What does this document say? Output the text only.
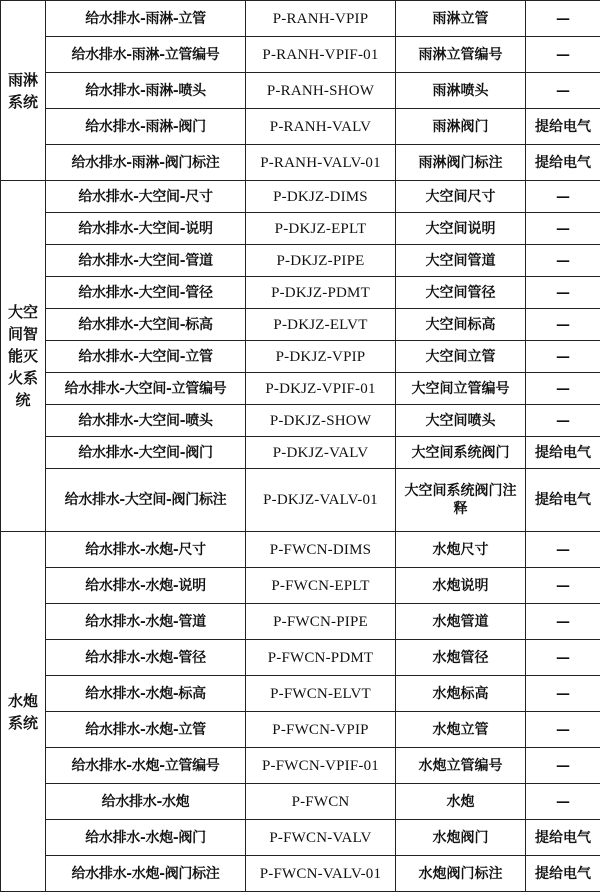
雨淋系统	给水排水-雨淋-立管	P-RANH-VPIP	雨淋立管	—
	给水排水-雨淋-立管编号	P-RANH-VPIF-01	雨淋立管编号	—
	给水排水-雨淋-喷头	P-RANH-SHOW	雨淋喷头	—
	给水排水-雨淋-阀门	P-RANH-VALV	雨淋阀门	提给电气
	给水排水-雨淋-阀门标注	P-RANH-VALV-01	雨淋阀门标注	提给电气
大空间智能灭火系统	给水排水-大空间-尺寸	P-DKJZ-DIMS	大空间尺寸	—
	给水排水-大空间-说明	P-DKJZ-EPLT	大空间说明	—
	给水排水-大空间-管道	P-DKJZ-PIPE	大空间管道	—
	给水排水-大空间-管径	P-DKJZ-PDMT	大空间管径	—
	给水排水-大空间-标高	P-DKJZ-ELVT	大空间标高	—
	给水排水-大空间-立管	P-DKJZ-VPIP	大空间立管	—
	给水排水-大空间-立管编号	P-DKJZ-VPIF-01	大空间立管编号	—
	给水排水-大空间-喷头	P-DKJZ-SHOW	大空间喷头	—
	给水排水-大空间-阀门	P-DKJZ-VALV	大空间系统阀门	提给电气
	给水排水-大空间-阀门标注	P-DKJZ-VALV-01	大空间系统阀门注释	提给电气
水炮系统	给水排水-水炮-尺寸	P-FWCN-DIMS	水炮尺寸	—
	给水排水-水炮-说明	P-FWCN-EPLT	水炮说明	—
	给水排水-水炮-管道	P-FWCN-PIPE	水炮管道	—
	给水排水-水炮-管径	P-FWCN-PDMT	水炮管径	—
	给水排水-水炮-标高	P-FWCN-ELVT	水炮标高	—
	给水排水-水炮-立管	P-FWCN-VPIP	水炮立管	—
	给水排水-水炮-立管编号	P-FWCN-VPIF-01	水炮立管编号	—
	给水排水-水炮	P-FWCN	水炮	—
	给水排水-水炮-阀门	P-FWCN-VALV	水炮阀门	提给电气
	给水排水-水炮-阀门标注	P-FWCN-VALV-01	水炮阀门标注	提给电气
